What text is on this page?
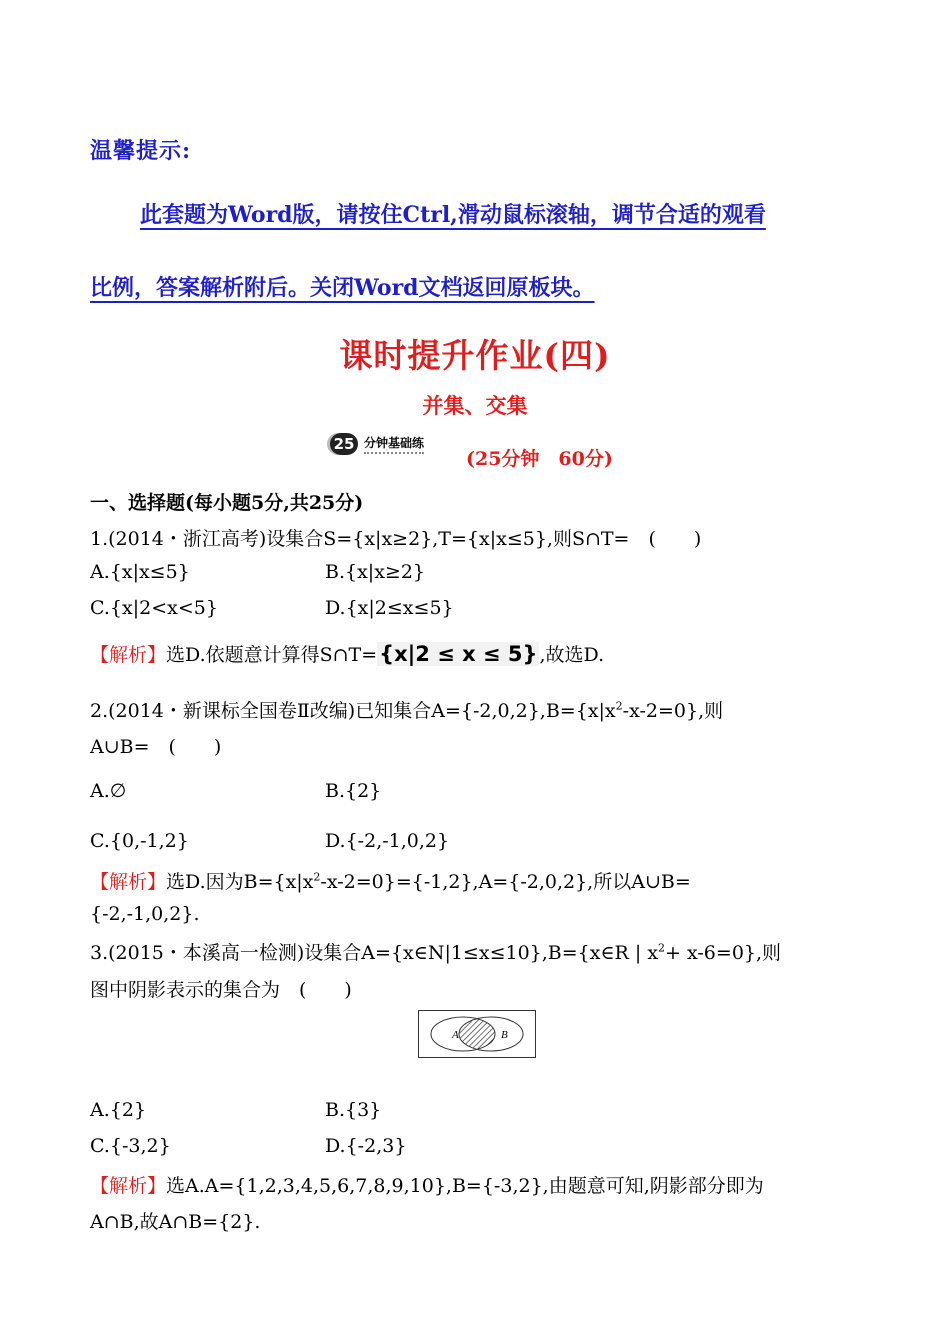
温馨提示:
此套题为Word版，请按住Ctrl,滑动鼠标滚轴，调节合适的观看
比例，答案解析附后。关闭Word文档返回原板块。
课时提升作业(四)
并集、交集
25 分钟基础练
(25分钟　60分)
一、选择题(每小题5分,共25分)
1.(2014・浙江高考)设集合S={x|x≥2},T={x|x≤5},则S∩T=　(　　)
A.{x|x≤5}	B.{x|x≥2}
C.{x|2<x<5}	D.{x|2≤x≤5}
【解析】选D.依题意计算得S∩T={x|2 ≤ x ≤ 5} ,故选D.
2.(2014・新课标全国卷Ⅱ改编)已知集合$A=\{-2,0,2\},B=\{x|x^2-x-2=0\}$,则
A∪B=　(　　)
A.∅	B.{2}
C.{0,-1,2}	D.{-2,-1,0,2}
【解析】选D.因为$B=\{x|x^2-x-2=0\}=\{-1,2\},A=\{-2,0,2\}$,所以A∪B=
{-2,-1,0,2}.
3.(2015・本溪高一检测)设集合A={x∈N|1≤x≤10},B={x∈R | $x^2+ x-6=0$},则
图中阴影表示的集合为　(　　)
A	B
A.{2}	B.{3}
C.{-3,2}	D.{-2,3}
【解析】选A.A={1,2,3,4,5,6,7,8,9,10},B={-3,2},由题意可知,阴影部分即为
A∩B,故A∩B={2}.
